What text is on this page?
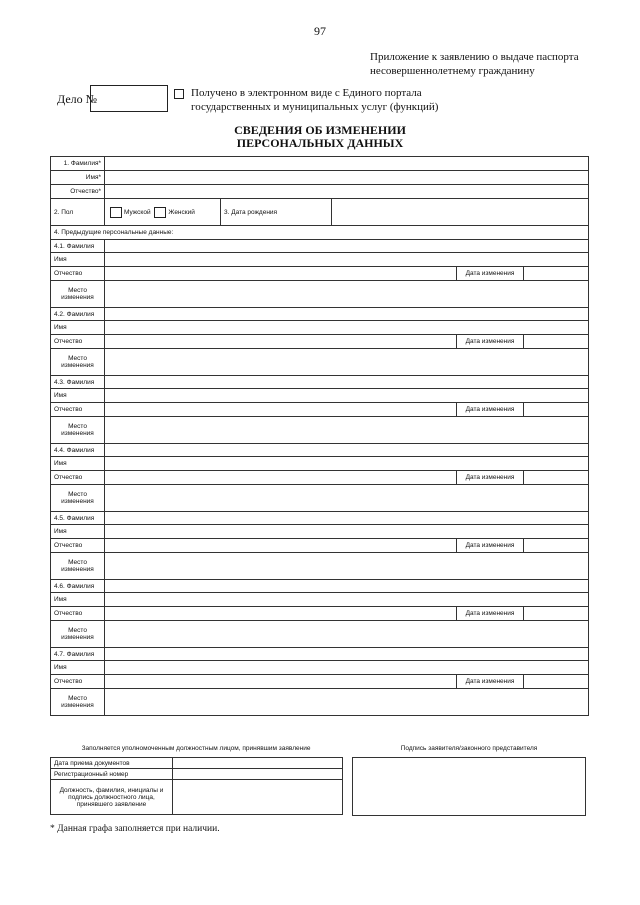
97
Приложение к заявлению о выдаче паспорта
несовершеннолетнему гражданину
Дело №	Получено в электронном виде с Единого портала
государственных и муниципальных услуг (функций)
СВЕДЕНИЯ ОБ ИЗМЕНЕНИИ
ПЕРСОНАЛЬНЫХ ДАННЫХ
1. Фамилия*					
Имя*					
Отчество*					
2. Пол	Мужской Женский	3. Дата рождения			
4. Предыдущие персональные данные:					
4.1. Фамилия					
Имя					
Отчество				Дата изменения	
Место
изменения					
4.2. Фамилия					
Имя					
Отчество				Дата изменения	
Место
изменения					
4.3. Фамилия					
Имя					
Отчество				Дата изменения	
Место
изменения					
4.4. Фамилия					
Имя					
Отчество				Дата изменения	
Место
изменения					
4.5. Фамилия					
Имя					
Отчество				Дата изменения	
Место
изменения					
4.6. Фамилия					
Имя					
Отчество				Дата изменения	
Место
изменения					
4.7. Фамилия					
Имя					
Отчество				Дата изменения	
Место
изменения					
Заполняется уполномоченным должностным лицом, принявшим заявление	Подпись заявителя/законного представителя
Дата приема документов	
Регистрационный номер	
Должность, фамилия, инициалы и подпись должностного лица, принявшего заявление	
* Данная графа заполняется при наличии.
